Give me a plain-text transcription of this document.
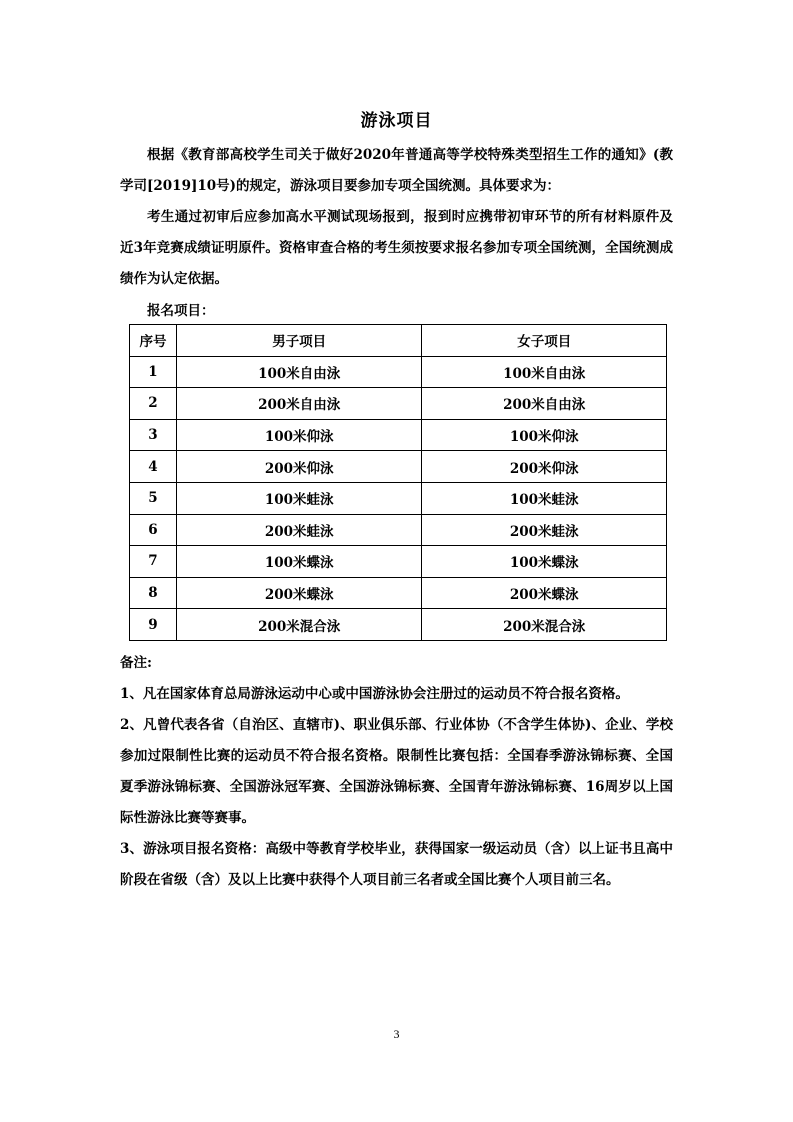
游泳项目
根据《教育部高校学生司关于做好2020年普通高等学校特殊类型招生工作的通知》(教学司[2019]10号)的规定，游泳项目要参加专项全国统测。具体要求为：
考生通过初审后应参加高水平测试现场报到，报到时应携带初审环节的所有材料原件及近3年竞赛成绩证明原件。资格审查合格的考生须按要求报名参加专项全国统测，全国统测成绩作为认定依据。
报名项目：
序号	男子项目	女子项目
1	100米自由泳	100米自由泳
2	200米自由泳	200米自由泳
3	100米仰泳	100米仰泳
4	200米仰泳	200米仰泳
5	100米蛙泳	100米蛙泳
6	200米蛙泳	200米蛙泳
7	100米蝶泳	100米蝶泳
8	200米蝶泳	200米蝶泳
9	200米混合泳	200米混合泳

备注:

1、凡在国家体育总局游泳运动中心或中国游泳协会注册过的运动员不符合报名资格。

2、凡曾代表各省（自治区、直辖市)、职业俱乐部、行业体协（不含学生体协)、企业、学校参加过限制性比赛的运动员不符合报名资格。限制性比赛包括：全国春季游泳锦标赛、全国夏季游泳锦标赛、全国游泳冠军赛、全国游泳锦标赛、全国青年游泳锦标赛、16周岁以上国际性游泳比赛等赛事。

3、游泳项目报名资格：高级中等教育学校毕业，获得国家一级运动员（含）以上证书且高中阶段在省级（含）及以上比赛中获得个人项目前三名者或全国比赛个人项目前三名。

3
